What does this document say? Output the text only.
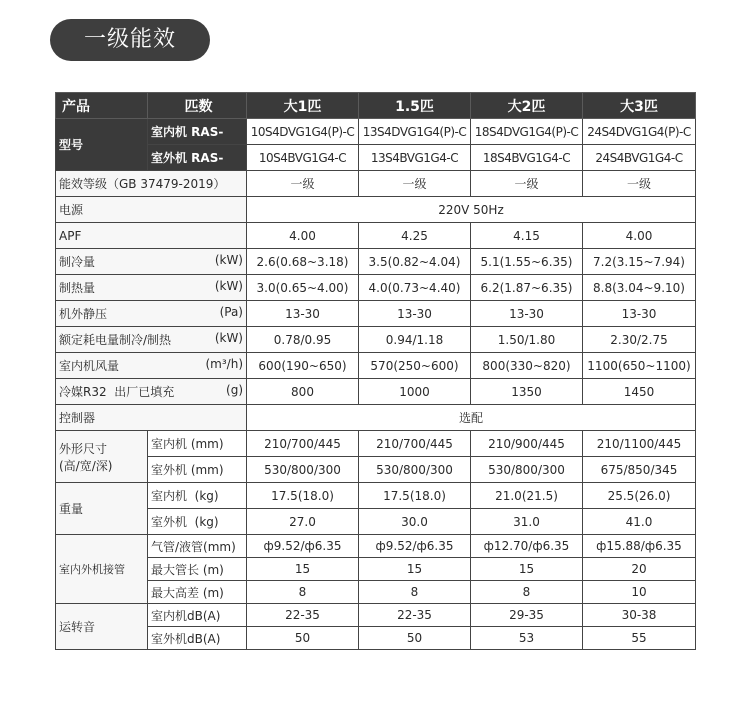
一级能效
产品	匹数	大1匹	1.5匹	大2匹	大3匹
型号	室内机 RAS-	10S4DVG1G4(P)-C	13S4DVG1G4(P)-C	18S4DVG1G4(P)-C	24S4DVG1G4(P)-C
	室外机 RAS-	10S4BVG1G4-C	13S4BVG1G4-C	18S4BVG1G4-C	24S4BVG1G4-C
能效等级（GB 37479-2019）		一级	一级	一级	一级
电源		220V 50Hz			
APF		4.00	4.25	4.15	4.00

制冷量 (kW)		2.6(0.68~3.18)	3.5(0.82~4.04)	5.1(1.55~6.35)	7.2(3.15~7.94)

制热量 (kW)		3.0(0.65~4.00)	4.0(0.73~4.40)	6.2(1.87~6.35)	8.8(3.04~9.10)

机外静压 (Pa)		13-30	13-30	13-30	13-30

额定耗电量制冷/制热 (kW)		0.78/0.95	0.94/1.18	1.50/1.80	2.30/2.75

室内机风量 (m³/h)		600(190~650)	570(250~600)	800(330~820)	1100(650~1100)

冷媒R32 出厂已填充 (g)		800	1000	1350	1450
控制器		选配			

外形尺寸
(高/宽/深)	室内机 (mm)	210/700/445	210/700/445	210/900/445	210/1100/445
	室外机 (mm)	530/800/300	530/800/300	530/800/300	675/850/345
重量	室内机 (kg)	17.5(18.0)	17.5(18.0)	21.0(21.5)	25.5(26.0)
	室外机 (kg)	27.0	30.0	31.0	41.0
室内外机接管	气管/液管(mm)	ф9.52/ф6.35	ф9.52/ф6.35	ф12.70/ф6.35	ф15.88/ф6.35
	最大管长 (m)	15	15	15	20
	最大高差 (m)	8	8	8	10
运转音	室内机dB(A)	22-35	22-35	29-35	30-38
	室外机dB(A)	50	50	53	55
